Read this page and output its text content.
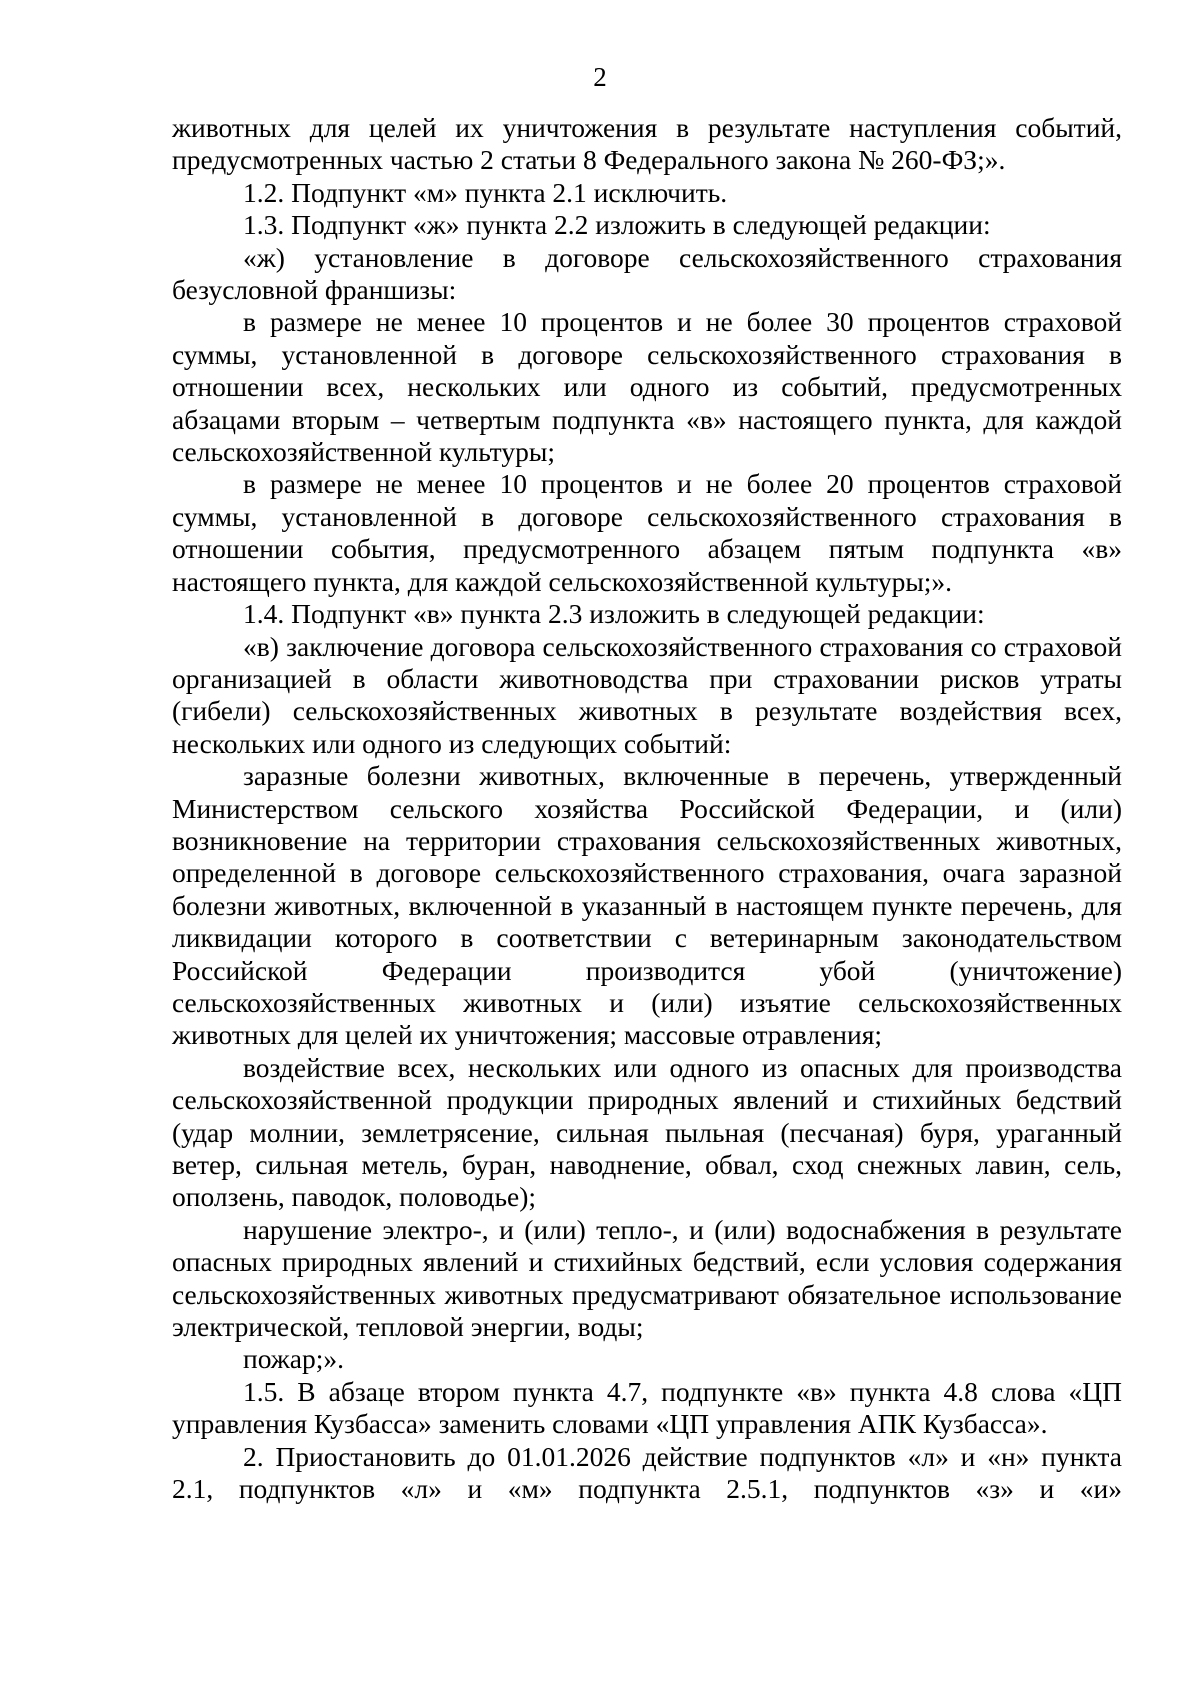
2

животных для целей их уничтожения в результате наступления событий, предусмотренных частью 2 статьи 8 Федерального закона № 260-ФЗ;».

1.2. Подпункт «м» пункта 2.1 исключить.

1.3. Подпункт «ж» пункта 2.2 изложить в следующей редакции:

«ж) установление в договоре сельскохозяйственного страхования безусловной франшизы:

в размере не менее 10 процентов и не более 30 процентов страховой суммы, установленной в договоре сельскохозяйственного страхования в отношении всех, нескольких или одного из событий, предусмотренных абзацами вторым – четвертым подпункта «в» настоящего пункта, для каждой сельскохозяйственной культуры;

в размере не менее 10 процентов и не более 20 процентов страховой суммы, установленной в договоре сельскохозяйственного страхования в отношении события, предусмотренного абзацем пятым подпункта «в» настоящего пункта, для каждой сельскохозяйственной культуры;».

1.4. Подпункт «в» пункта 2.3 изложить в следующей редакции:

«в) заключение договора сельскохозяйственного страхования со страховой организацией в области животноводства при страховании рисков утраты (гибели) сельскохозяйственных животных в результате воздействия всех, нескольких или одного из следующих событий:

заразные болезни животных, включенные в перечень, утвержденный Министерством сельского хозяйства Российской Федерации, и (или) возникновение на территории страхования сельскохозяйственных животных, определенной в договоре сельскохозяйственного страхования, очага заразной болезни животных, включенной в указанный в настоящем пункте перечень, для ликвидации которого в соответствии с ветеринарным законодательством Российской Федерации производится убой (уничтожение) сельскохозяйственных животных и (или) изъятие сельскохозяйственных животных для целей их уничтожения; массовые отравления;

воздействие всех, нескольких или одного из опасных для производства сельскохозяйственной продукции природных явлений и стихийных бедствий (удар молнии, землетрясение, сильная пыльная (песчаная) буря, ураганный ветер, сильная метель, буран, наводнение, обвал, сход снежных лавин, сель, оползень, паводок, половодье);

нарушение электро-, и (или) тепло-, и (или) водоснабжения в результате опасных природных явлений и стихийных бедствий, если условия содержания сельскохозяйственных животных предусматривают обязательное использование электрической, тепловой энергии, воды;

пожар;».

1.5. В абзаце втором пункта 4.7, подпункте «в» пункта 4.8 слова «ЦП управления Кузбасса» заменить словами «ЦП управления АПК Кузбасса».

2. Приостановить до 01.01.2026 действие подпунктов «л» и «н» пункта 2.1, подпунктов «л» и «м» подпункта 2.5.1, подпунктов «з» и «и»
